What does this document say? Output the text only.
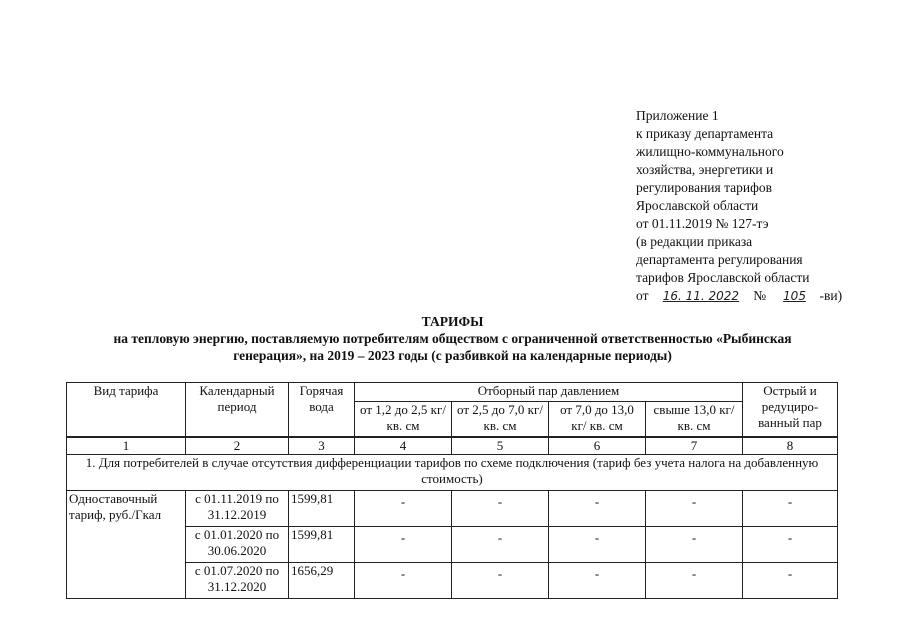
Приложение 1
к приказу департамента
жилищно-коммунального
хозяйства, энергетики и
регулирования тарифов
Ярославской области
от 01.11.2019 № 127-тэ
(в редакции приказа
департамента регулирования
тарифов Ярославской области
от 16. 11. 2022 № 105 -ви)
ТАРИФЫ
на тепловую энергию, поставляемую потребителям обществом с ограниченной ответственностью «Рыбинская
генерация», на 2019 – 2023 годы (с разбивкой на календарные периоды)
Вид тарифа	Календарный период	Горячая вода	Отборный пар давлением				Острый и редуциро-ванный пар
			от 1,2 до 2,5 кг/ кв. см	от 2,5 до 7,0 кг/ кв. см	от 7,0 до 13,0 кг/ кв. см	свыше 13,0 кг/ кв. см	
1	2	3	4	5	6	7	8
1. Для потребителей в случае отсутствия дифференциации тарифов по схеме подключения (тариф без учета налога на добавленную стоимость)							
Одноставочный тариф, руб./Гкал	с 01.11.2019 по 31.12.2019	1599,81	-	-	-	-	-
	с 01.01.2020 по 30.06.2020	1599,81	-	-	-	-	-
	с 01.07.2020 по 31.12.2020	1656,29	-	-	-	-	-
